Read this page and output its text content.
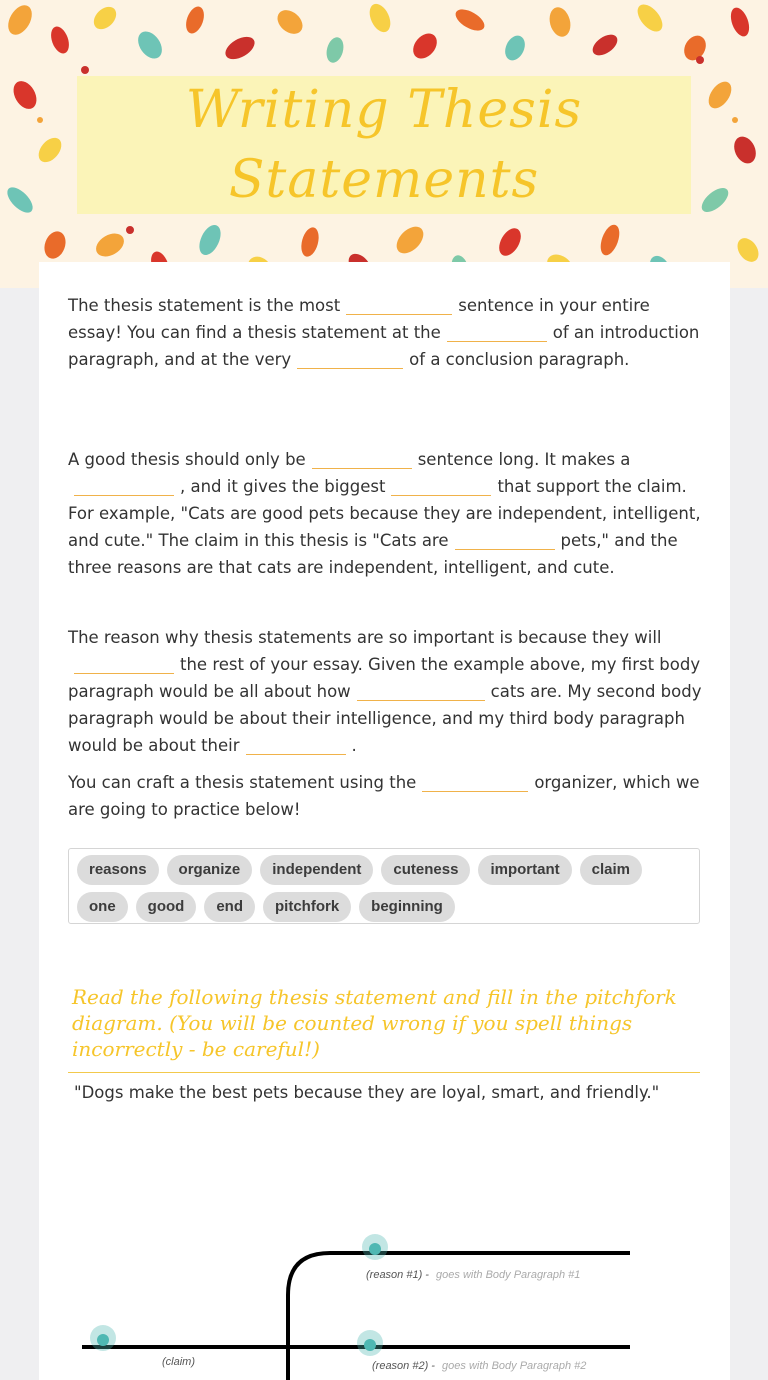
Writing Thesis Statements
The thesis statement is the most	sentence in your entire essay! You can find a thesis statement at the	of an introduction paragraph, and at the very	of a conclusion paragraph.
A good thesis should only be	sentence long. It makes a, and it gives the biggest	that support the claim. For example, "Cats are good pets because they are independent, intelligent, and cute." The claim in this thesis is "Cats are	pets," and the three reasons are that cats are independent, intelligent, and cute.
The reason why thesis statements are so important is because they willthe rest of your essay. Given the example above, my first body paragraph would be all about how	cats are. My second body paragraph would be about their intelligence, and my third body paragraph would be about their	.
You can craft a thesis statement using the	organizer, which we are going to practice below!
reasons	organize	independent	cuteness	important	claim
one	good	end	pitchfork	beginning
Read the following thesis statement and fill in the pitchfork diagram. (You will be counted wrong if you spell things incorrectly - be careful!)
"Dogs make the best pets because they are loyal, smart, and friendly."
(reason #1) - goes with Body Paragraph #1
(claim)	(reason #2) - goes with Body Paragraph #2
